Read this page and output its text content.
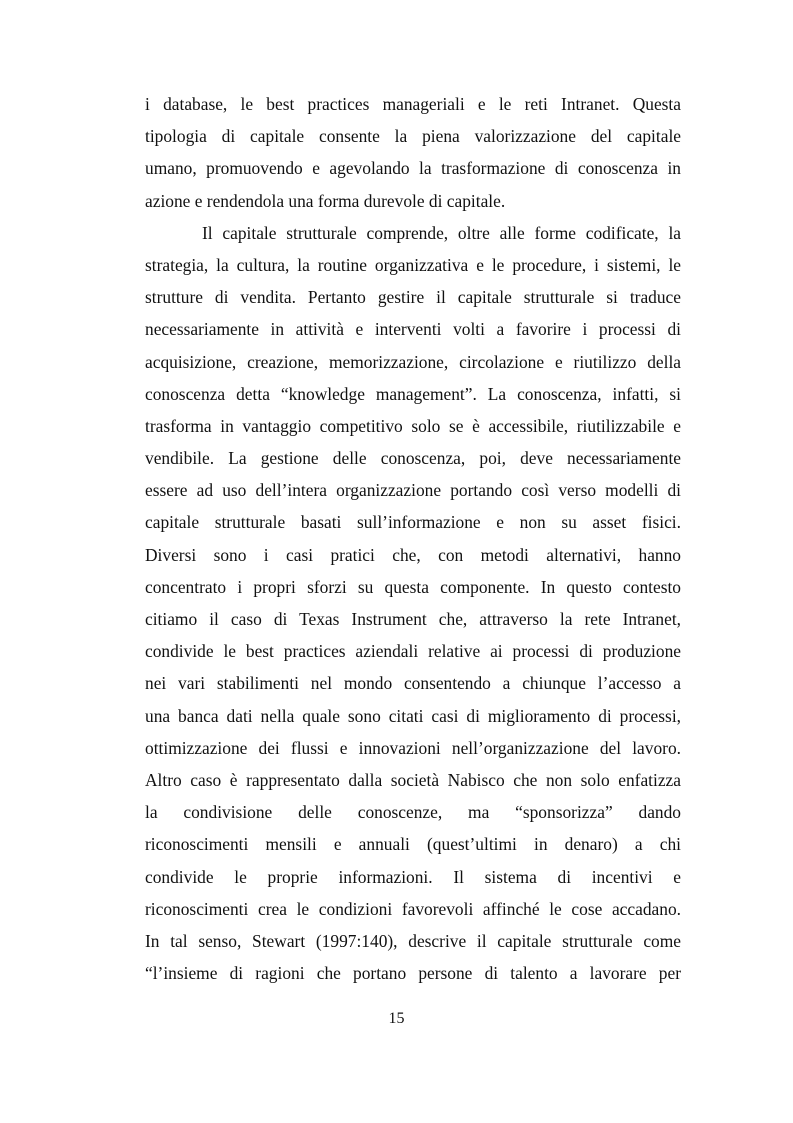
i database, le best practices manageriali e le reti Intranet. Questa
tipologia di capitale consente la piena valorizzazione del capitale
umano, promuovendo e agevolando la trasformazione di conoscenza in
azione e rendendola una forma durevole di capitale.
Il capitale strutturale comprende, oltre alle forme codificate, la
strategia, la cultura, la routine organizzativa e le procedure, i sistemi, le
strutture di vendita. Pertanto gestire il capitale strutturale si traduce
necessariamente in attività e interventi volti a favorire i processi di
acquisizione, creazione, memorizzazione, circolazione e riutilizzo della
conoscenza detta “knowledge management”. La conoscenza, infatti, si
trasforma in vantaggio competitivo solo se è accessibile, riutilizzabile e
vendibile. La gestione delle conoscenza, poi, deve necessariamente
essere ad uso dell’intera organizzazione portando così verso modelli di
capitale strutturale basati sull’informazione e non su asset fisici.
Diversi sono i casi pratici che, con metodi alternativi, hanno
concentrato i propri sforzi su questa componente. In questo contesto
citiamo il caso di Texas Instrument che, attraverso la rete Intranet,
condivide le best practices aziendali relative ai processi di produzione
nei vari stabilimenti nel mondo consentendo a chiunque l’accesso a
una banca dati nella quale sono citati casi di miglioramento di processi,
ottimizzazione dei flussi e innovazioni nell’organizzazione del lavoro.
Altro caso è rappresentato dalla società Nabisco che non solo enfatizza
la condivisione delle conoscenze, ma “sponsorizza” dando
riconoscimenti mensili e annuali (quest’ultimi in denaro) a chi
condivide le proprie informazioni. Il sistema di incentivi e
riconoscimenti crea le condizioni favorevoli affinché le cose accadano.
In tal senso, Stewart (1997:140), descrive il capitale strutturale come
“l’insieme di ragioni che portano persone di talento a lavorare per
15
